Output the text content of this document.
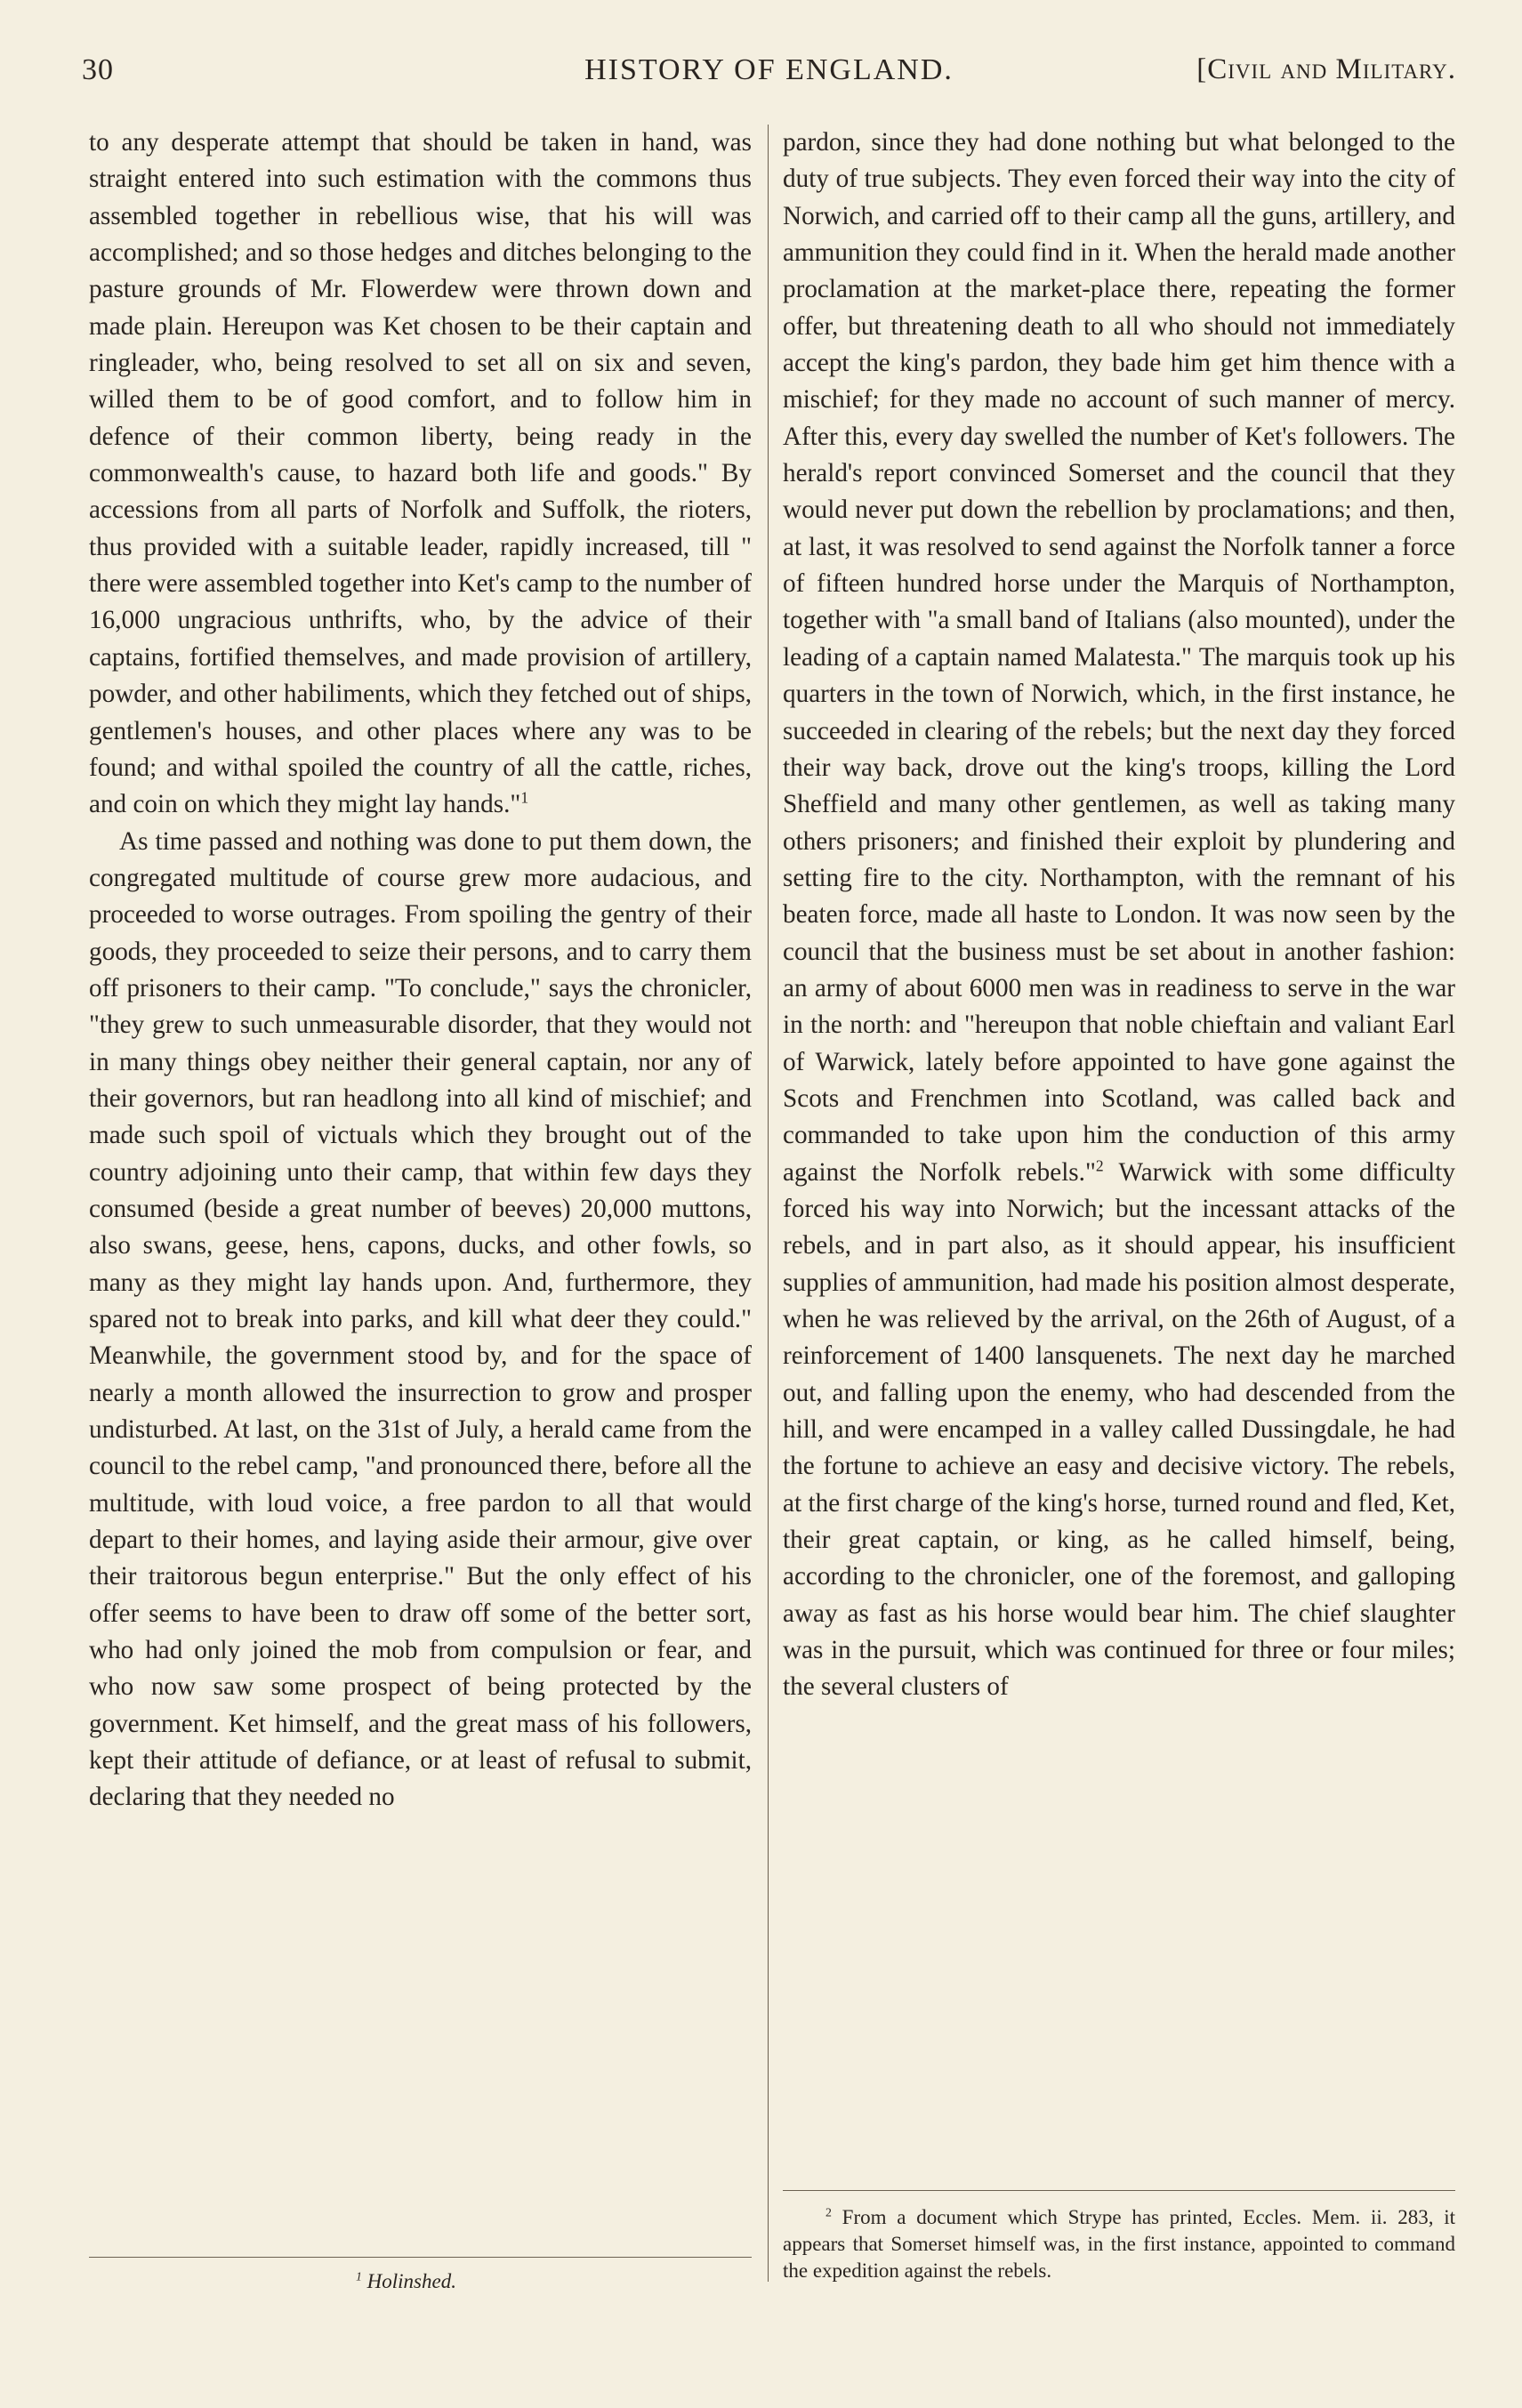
30	HISTORY OF ENGLAND.	[Civil and Military.

to any desperate attempt that should be taken in hand, was straight entered into such estimation with the commons thus assembled together in rebellious wise, that his will was accomplished; and so those hedges and ditches belonging to the pasture grounds of Mr. Flowerdew were thrown down and made plain. Hereupon was Ket chosen to be their captain and ringleader, who, being resolved to set all on six and seven, willed them to be of good comfort, and to follow him in defence of their common liberty, being ready in the commonwealth's cause, to hazard both life and goods." By accessions from all parts of Norfolk and Suffolk, the rioters, thus provided with a suitable leader, rapidly increased, till " there were assembled together into Ket's camp to the number of 16,000 ungracious unthrifts, who, by the advice of their captains, fortified themselves, and made provision of artillery, powder, and other habiliments, which they fetched out of ships, gentlemen's houses, and other places where any was to be found; and withal spoiled the country of all the cattle, riches, and coin on which they might lay hands."$^1$

As time passed and nothing was done to put them down, the congregated multitude of course grew more audacious, and proceeded to worse outrages. From spoiling the gentry of their goods, they proceeded to seize their persons, and to carry them off prisoners to their camp. "To conclude," says the chronicler, "they grew to such unmeasurable disorder, that they would not in many things obey neither their general captain, nor any of their governors, but ran headlong into all kind of mischief; and made such spoil of victuals which they brought out of the country adjoining unto their camp, that within few days they consumed (beside a great number of beeves) 20,000 muttons, also swans, geese, hens, capons, ducks, and other fowls, so many as they might lay hands upon. And, furthermore, they spared not to break into parks, and kill what deer they could." Meanwhile, the government stood by, and for the space of nearly a month allowed the insurrection to grow and prosper undisturbed. At last, on the 31st of July, a herald came from the council to the rebel camp, "and pronounced there, before all the multitude, with loud voice, a free pardon to all that would depart to their homes, and laying aside their armour, give over their traitorous begun enterprise." But the only effect of his offer seems to have been to draw off some of the better sort, who had only joined the mob from compulsion or fear, and who now saw some prospect of being protected by the government. Ket himself, and the great mass of his followers, kept their attitude of defiance, or at least of refusal to submit, declaring that they needed no

pardon, since they had done nothing but what belonged to the duty of true subjects. They even forced their way into the city of Norwich, and carried off to their camp all the guns, artillery, and ammunition they could find in it. When the herald made another proclamation at the market-place there, repeating the former offer, but threatening death to all who should not immediately accept the king's pardon, they bade him get him thence with a mischief; for they made no account of such manner of mercy. After this, every day swelled the number of Ket's followers. The herald's report convinced Somerset and the council that they would never put down the rebellion by proclamations; and then, at last, it was resolved to send against the Norfolk tanner a force of fifteen hundred horse under the Marquis of Northampton, together with "a small band of Italians (also mounted), under the leading of a captain named Malatesta." The marquis took up his quarters in the town of Norwich, which, in the first instance, he succeeded in clearing of the rebels; but the next day they forced their way back, drove out the king's troops, killing the Lord Sheffield and many other gentlemen, as well as taking many others prisoners; and finished their exploit by plundering and setting fire to the city. Northampton, with the remnant of his beaten force, made all haste to London. It was now seen by the council that the business must be set about in another fashion: an army of about 6000 men was in readiness to serve in the war in the north: and "hereupon that noble chieftain and valiant Earl of Warwick, lately before appointed to have gone against the Scots and Frenchmen into Scotland, was called back and commanded to take upon him the conduction of this army against the Norfolk rebels."$^2$ Warwick with some difficulty forced his way into Norwich; but the incessant attacks of the rebels, and in part also, as it should appear, his insufficient supplies of ammunition, had made his position almost desperate, when he was relieved by the arrival, on the 26th of August, of a reinforcement of 1400 lansquenets. The next day he marched out, and falling upon the enemy, who had descended from the hill, and were encamped in a valley called Dussingdale, he had the fortune to achieve an easy and decisive victory. The rebels, at the first charge of the king's horse, turned round and fled, Ket, their great captain, or king, as he called himself, being, according to the chronicler, one of the foremost, and galloping away as fast as his horse would bear him. The chief slaughter was in the pursuit, which was continued for three or four miles; the several clusters of

$^1$ Holinshed.
$^2$ From a document which Strype has printed, Eccles. Mem. ii. 283, it appears that Somerset himself was, in the first instance, appointed to command the expedition against the rebels.
